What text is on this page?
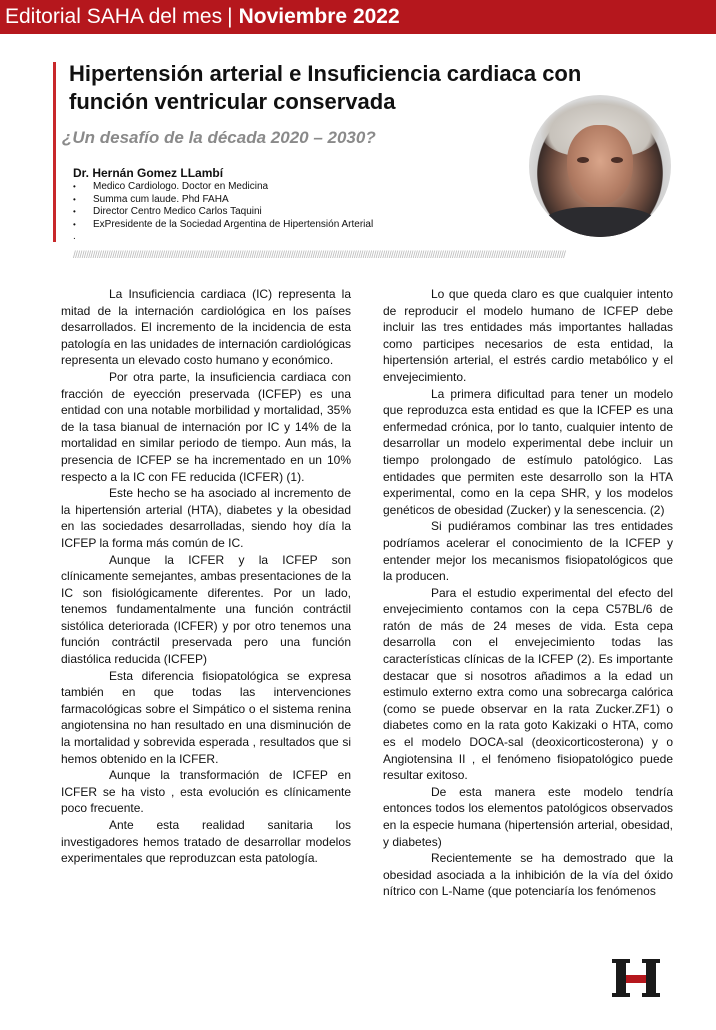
Editorial SAHA del mes | Noviembre 2022
Hipertensión arterial e Insuficiencia cardiaca con función ventricular conservada
¿Un desafío de la década 2020 – 2030?
Dr. Hernán Gomez LLambí
• Medico Cardiologo. Doctor en Medicina
• Summa cum laude. Phd FAHA
• Director Centro Medico Carlos Taquini
• ExPresidente de la Sociedad Argentina de Hipertensión Arterial
.
//////////////////////////////////////////////////////////////////////////////////////////////////////////////////////////////////////////////////////////////////////////////////////////////////////////////////////////////////

La Insuficiencia cardiaca (IC) representa la mitad de la internación cardiológica en los países desarrollados. El incremento de la incidencia de esta patología en las unidades de internación cardiológicas representa un elevado costo humano y económico.

Por otra parte, la insuficiencia cardiaca con fracción de eyección preservada (ICFEP) es una entidad con una notable morbilidad y mortalidad, 35% de la tasa bianual de internación por IC y 14% de la mortalidad en similar periodo de tiempo. Aun más, la presencia de ICFEP se ha incrementado en un 10% respecto a la IC con FE reducida (ICFER) (1).

Este hecho se ha asociado al incremento de la hipertensión arterial (HTA), diabetes y la obesidad en las sociedades desarrolladas, siendo hoy día la ICFEP la forma más común de IC.

Aunque la ICFER y la ICFEP son clínicamente semejantes, ambas presentaciones de la IC son fisiológicamente diferentes. Por un lado, tenemos fundamentalmente una función contráctil sistólica deteriorada (ICFER) y por otro tenemos una función contráctil preservada pero una función diastólica reducida (ICFEP)

Esta diferencia fisiopatológica se expresa también en que todas las intervenciones farmacológicas sobre el Simpático o el sistema renina angiotensina no han resultado en una disminución de la mortalidad y sobrevida esperada , resultados que si hemos obtenido en la ICFER.

Aunque la transformación de ICFEP en ICFER se ha visto , esta evolución es clínicamente poco frecuente.

Ante esta realidad sanitaria los investigadores hemos tratado de desarrollar modelos experimentales que reproduzcan esta patología.

Lo que queda claro es que cualquier intento de reproducir el modelo humano de ICFEP debe incluir las tres entidades más importantes halladas como participes necesarios de esta entidad, la hipertensión arterial, el estrés cardio metabólico y el envejecimiento.

La primera dificultad para tener un modelo que reproduzca esta entidad es que la ICFEP es una enfermedad crónica, por lo tanto, cualquier intento de desarrollar un modelo experimental debe incluir un tiempo prolongado de estímulo patológico. Las entidades que permiten este desarrollo son la HTA experimental, como en la cepa SHR, y los modelos genéticos de obesidad (Zucker) y la senescencia. (2)

Si pudiéramos combinar las tres entidades podríamos acelerar el conocimiento de la ICFEP y entender mejor los mecanismos fisiopatológicos que la producen.

Para el estudio experimental del efecto del envejecimiento contamos con la cepa C57BL/6 de ratón de más de 24 meses de vida. Esta cepa desarrolla con el envejecimiento todas las características clínicas de la ICFEP (2). Es importante destacar que si nosotros añadimos a la edad un estimulo externo extra como una sobrecarga calórica (como se puede observar en la rata Zucker.ZF1) o diabetes como en la rata goto Kakizaki o HTA, como es el modelo DOCA-sal (deoxicorticosterona) y o Angiotensina II , el fenómeno fisiopatológico puede resultar exitoso.

De esta manera este modelo tendría entonces todos los elementos patológicos observados en la especie humana (hipertensión arterial, obesidad, y diabetes)

Recientemente se ha demostrado que la obesidad asociada a la inhibición de la vía del óxido nítrico con L-Name (que potenciaría los fenómenos
